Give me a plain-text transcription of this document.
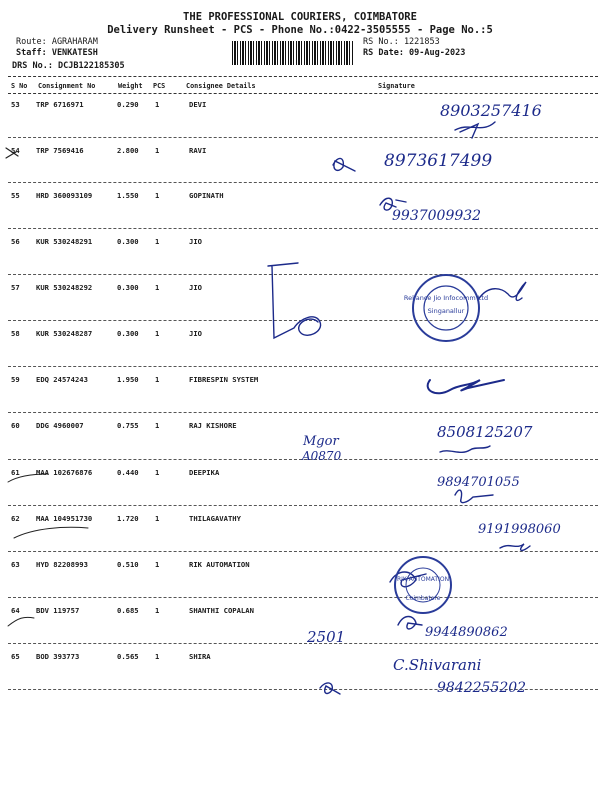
THE PROFESSIONAL COURIERS, COIMBATORE
Delivery Runsheet - PCS - Phone No.:0422-3505555 - Page No.:5
Route: AGRAHARAM
Staff: VENKATESH
DRS No.: DCJB122185305
RS No.: 1221853
RS Date: 09-Aug-2023
S No Consignment No	Weight PCS	Consignee Details	Signature
53 TRP 6716971	0.290 1	DEVI
54 TRP 7569416	2.800 1	RAVI
55 HRD 360093109	1.550 1	GOPINATH
56 KUR 530248291	0.300 1	JIO
57 KUR 530248292	0.300 1	JIO
58 KUR 530248287	0.300 1	JIO
59 EDQ 24574243	1.950 1	FIBRESPIN SYSTEM
60 DDG 4960007	0.755 1	RAJ KISHORE
61 MAA 102676876	0.440 1	DEEPIKA
62 MAA 104951730	1.720 1	THILAGAVATHY
63 HYD 82208993	0.510 1	RIK AUTOMATION
64 BDV 119757	0.685 1	SHANTHI COPALAN
65 BOD 393773	0.565 1	SHIRA
Reliance Jio Infocomm Ltd
Singanallur
RIK AUTOMATION
Coimbatore
8903257416
8973617499
9937009932
Mgor
A0870
8508125207
9894701055
9191998060
2501	9944890862
C.Shivarani
9842255202
